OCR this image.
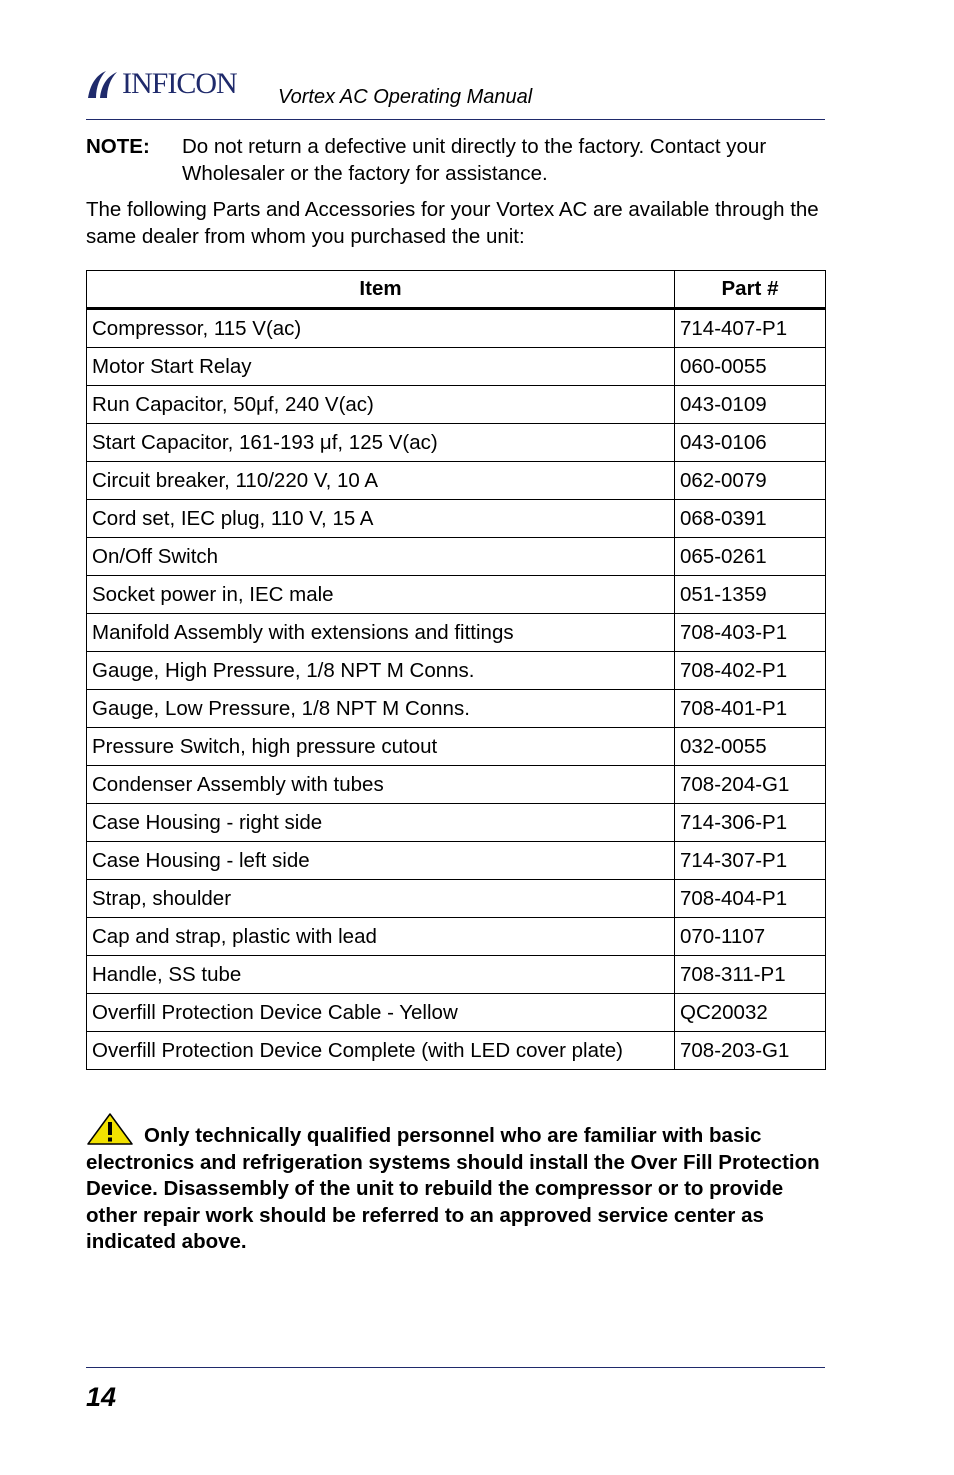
INFICON Vortex AC Operating Manual
NOTE: Do not return a defective unit directly to the factory. Contact your Wholesaler or the factory for assistance.
The following Parts and Accessories for your Vortex AC are available through the same dealer from whom you purchased the unit:
Item	Part #
Compressor, 115 V(ac)	714-407-P1
Motor Start Relay	060-0055
Run Capacitor, 50μf, 240 V(ac)	043-0109
Start Capacitor, 161-193 μf, 125 V(ac)	043-0106
Circuit breaker, 110/220 V, 10 A	062-0079
Cord set, IEC plug, 110 V, 15 A	068-0391
On/Off Switch	065-0261
Socket power in, IEC male	051-1359
Manifold Assembly with extensions and fittings	708-403-P1
Gauge, High Pressure, 1/8 NPT M Conns.	708-402-P1
Gauge, Low Pressure, 1/8 NPT M Conns.	708-401-P1
Pressure Switch, high pressure cutout	032-0055
Condenser Assembly with tubes	708-204-G1
Case Housing - right side	714-306-P1
Case Housing - left side	714-307-P1
Strap, shoulder	708-404-P1
Cap and strap, plastic with lead	070-1107
Handle, SS tube	708-311-P1
Overfill Protection Device Cable - Yellow	QC20032
Overfill Protection Device Complete (with LED cover plate)	708-203-G1
Only technically qualified personnel who are familiar with basic electronics and refrigeration systems should install the Over Fill Protection Device. Disassembly of the unit to rebuild the compressor or to provide other repair work should be referred to an approved service center as indicated above.
14
